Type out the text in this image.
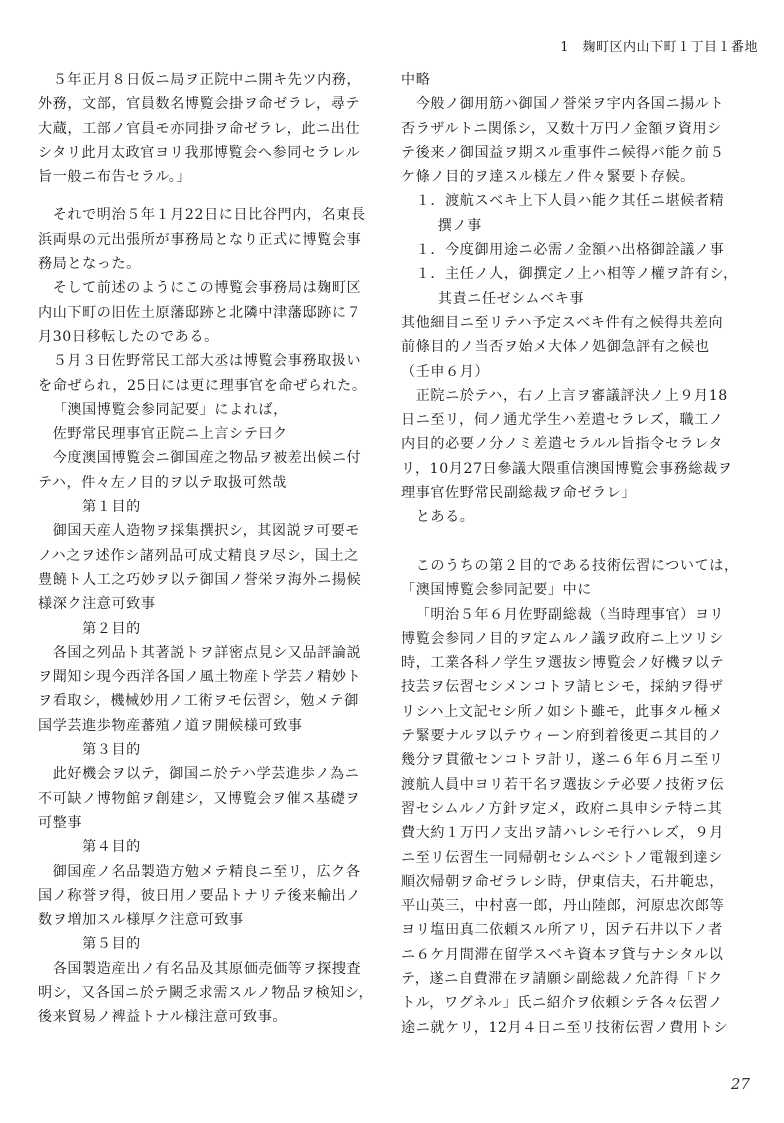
1　麹町区内山下町１丁目１番地
５年正月８日仮ニ局ヲ正院中ニ開キ先ツ内務，
外務，文部，官員数名博覧会掛ヲ命ゼラレ，尋テ
大蔵，工部ノ官員モ亦同掛ヲ命ゼラレ，此ニ出仕
シタリ此月太政官ヨリ我那博覧会へ参同セラレル
旨一般ニ布告セラル。」
それで明治５年１月22日に日比谷門内，名東長
浜両県の元出張所が事務局となり正式に博覧会事
務局となった。
そして前述のようにこの博覧会事務局は麹町区
内山下町の旧佐土原藩邸跡と北隣中津藩邸跡に７
月30日移転したのである。
５月３日佐野常民工部大丞は博覧会事務取扱い
を命ぜられ，25日には更に理事官を命ぜられた。
「澳国博覧会参同記要」によれば，
佐野常民理事官正院ニ上言シテ曰ク
今度澳国博覧会ニ御国産之物品ヲ被差出候ニ付
テハ，件々左ノ目的ヲ以テ取扱可然哉
第１目的
御国天産人造物ヲ採集撰択シ，其図説ヲ可要モ
ノハ之ヲ述作シ諸列品可成丈精良ヲ尽シ，国土之
豊饒ト人工之巧妙ヲ以テ御国ノ誉栄ヲ海外ニ揚候
様深ク注意可致事
第２目的
各国之列品ト其著説トヲ詳密点見シ又品評論説
ヲ聞知シ現今西洋各国ノ風土物産ト学芸ノ精妙ト
ヲ看取シ，機械妙用ノ工術ヲモ伝習シ，勉メテ御
国学芸進歩物産蕃殖ノ道ヲ開候様可致事
第３目的
此好機会ヲ以テ，御国ニ於テハ学芸進歩ノ為ニ
不可缺ノ博物館ヲ創建シ，又博覧会ヲ催ス基礎ヲ
可整事
第４目的
御国産ノ名品製造方勉メテ精良ニ至リ，広ク各
国ノ称誉ヲ得，彼日用ノ要品トナリテ後来輸出ノ
数ヲ増加スル様厚ク注意可致事
第５目的
各国製造産出ノ有名品及其原価売価等ヲ探捜査
明シ，又各国ニ於テ闕乏求需スルノ物品ヲ検知シ，
後来貿易ノ裨益トナル様注意可致事。
中略
今般ノ御用筋ハ御国ノ誉栄ヲ宇内各国ニ揚ルト
否ラザルトニ関係シ，又数十万円ノ金額ヲ資用シ
テ後来ノ御国益ヲ期スル重事件ニ候得バ能ク前５
ケ條ノ目的ヲ達スル様左ノ件々緊要ト存候。
１．渡航スベキ上下人員ハ能ク其任ニ堪候者精
撰ノ事
１．今度御用途ニ必需ノ金額ハ出格御詮議ノ事
１．主任ノ人，御撰定ノ上ハ相等ノ權ヲ許有シ，
其責ニ任ゼシムベキ事
其他細目ニ至リテハ予定スベキ件有之候得共差向
前條目的ノ当否ヲ始メ大体ノ処御急評有之候也
（壬申６月）
正院ニ於テハ，右ノ上言ヲ審議評決ノ上９月18
日ニ至リ，伺ノ通尤学生ハ差遣セラレズ，職工ノ
内目的必要ノ分ノミ差遣セラルル旨指令セラレタ
リ，10月27日參議大隈重信澳国博覧会事務総裁ヲ
理事官佐野常民副総裁ヲ命ゼラレ」
とある。
このうちの第２目的である技術伝習については，
「澳国博覧会参同記要」中に
「明治５年６月佐野副総裁（当時理事官）ヨリ
博覧会参同ノ目的ヲ定ムルノ議ヲ政府ニ上ツリシ
時，工業各科ノ学生ヲ選抜シ博覧会ノ好機ヲ以テ
技芸ヲ伝習セシメンコトヲ請ヒシモ，採納ヲ得ザ
リシハ上文記セシ所ノ如シト雖モ，此事タル極メ
テ緊要ナルヲ以テウィーン府到着後更ニ其目的ノ
幾分ヲ貫徹センコトヲ計リ，遂ニ６年６月ニ至リ
渡航人員中ヨリ若干名ヲ選抜シテ必要ノ技術ヲ伝
習セシムルノ方針ヲ定メ，政府ニ具申シテ特ニ其
費大約１万円ノ支出ヲ請ハレシモ行ハレズ，９月
ニ至リ伝習生一同帰朝セシムベシトノ電報到達シ
順次帰朝ヲ命ゼラレシ時，伊東信夫，石井範忠，
平山英三，中村喜一郎，丹山陸郎，河原忠次郎等
ヨリ塩田真二依頼スル所アリ，因テ石井以下ノ者
ニ６ケ月間滞在留学スベキ資本ヲ貸与ナシタル以
テ，遂ニ自費滞在ヲ請願シ副総裁ノ允許得「ドク
トル，ワグネル」氏ニ紹介ヲ依頼シテ各々伝習ノ
途ニ就ケリ，12月４日ニ至リ技術伝習ノ費用トシ
27
